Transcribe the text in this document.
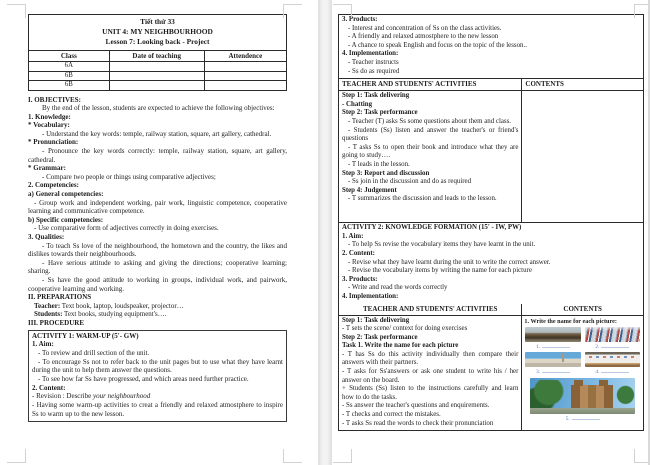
Tiết thứ 33
UNIT 4: MY NEIGHBOURHOOD
Lesson 7: Looking back - Project
Class	Date of teaching	Attendence
6A
6B
6B
I. OBJECTIVES:
By the end of the lesson, students are expected to achieve the following objectives:
1. Knowledge:
* Vocabulary:
- Understand the key words: temple, railway station, square, art gallery, cathedral.
* Pronunciation:
- Pronounce the key words correctly: temple, railway station, square, art gallery, cathedral.
* Grammar:
- Compare two people or things using comparative adjectives;
2. Competencies:
a) General competencies:
- Group work and independent working, pair work, linguistic competence, cooperative learning and communicative competence.
b) Specific competencies:
- Use comparative form of adjectives correctly in doing exercises.
3. Qualities:
- To teach Ss love of the neighbourhood, the hometown and the country, the likes and dislikes towards their neighbourhoods.
- Have serious attitude to asking and giving the directions; cooperative learning; sharing.
- Ss have the good attitude to working in groups, individual work, and pairwork, cooperative learning and working.
II. PREPARATIONS
Teacher: Text book, laptop, loudspeaker, projector…
Students: Text books, studying equipment's….
III. PROCEDURE
ACTIVITY 1: WARM-UP (5'- GW)
1. Aim:
- To review and drill section of the unit.
- To encourage Ss not to refer back to the unit pages but to use what they have learnt during the unit to help them answer the questions.
- To see how far Ss have progressed, and which areas need further practice.
2. Content:
- Revision : Describe your neighbourhood
- Having some warm-up activities to creat a friendly and relaxed atmostphere to inspire Ss to warm up to the new lesson.
3. Products:
- Interest and concentration of Ss on the class activities.
- A friendly and relaxed atmostphere to the new lesson
- A chance to speak English and focus on the topic of the lesson..
4. Implementation:
- Teacher instructs
- Ss do as required
TEACHER AND STUDENTS' ACTIVITIES	CONTENTS
Step 1: Task delivering
- Chatting
Step 2: Task performance
- Teacher (T) asks Ss some questions about them and class.
- Students (Ss) listen and answer the teacher's or friend's questions
- T asks Ss to open their book and introduce what they are going to study….
- T leads in the lesson.
Step 3: Report and discussion
- Ss join in the discussion and do as required
Step 4: Judgement
- T summarizes the discussion and leads to the lesson.
ACTIVITY 2: KNOWLEDGE FORMATION (15' - IW, PW)
1. Aim:
- To help Ss revise the vocabulary items they have learnt in the unit.
2. Content:
- Revise what they have learnt during the unit to write the correct answer.
- Revise the vocabulary items by writing the name for each picture
3. Products:
- Write and read the words correctly
4. Implementation:
TEACHER AND STUDENTS' ACTIVITIES	CONTENTS
Step 1: Task delivering
- T sets the scene/ context for doing exercises
Step 2: Task performance
Task 1. Write the name for each picture
- T has Ss do this activity individually then compare their answers with their partners.
- T asks for Ss'answers or ask one student to write his / her answer on the board.
+ Students (Ss) listen to the instructions carefully and learn how to do the tasks.
- Ss answer the teacher's questions and enquirements.
- T checks and correct the mistakes.
- T asks Ss read the words to check their pronunciation
1. Write the name for each picture:
1.	2.
3.	4.
5.
